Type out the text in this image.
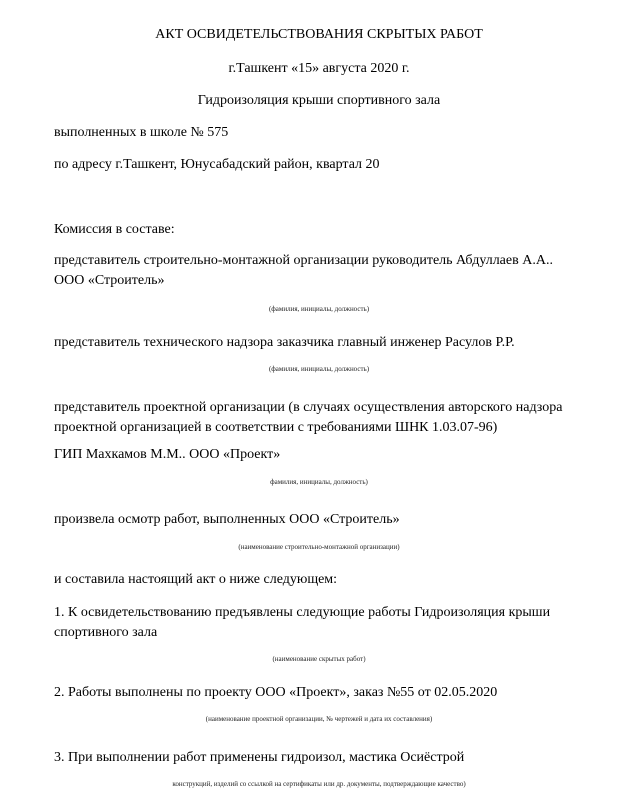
АКТ ОСВИДЕТЕЛЬСТВОВАНИЯ СКРЫТЫХ РАБОТ
г.Ташкент «15» августа 2020 г.
Гидроизоляция крыши спортивного зала
выполненных в школе № 575
по адресу г.Ташкент, Юнусабадский район, квартал 20
Комиссия в составе:
представитель строительно-монтажной организации руководитель Абдуллаев А.А..
ООО «Строитель»
(фамилия, инициалы, должность)
представитель технического надзора заказчика главный инженер Расулов Р.Р.
(фамилия, инициалы, должность)
представитель проектной организации (в случаях осуществления авторского надзора
проектной организацией в соответствии с требованиями ШНК 1.03.07-96)
ГИП Махкамов М.М.. ООО «Проект»
фамилия, инициалы, должность)
произвела осмотр работ, выполненных ООО «Строитель»
(наименование строительно-монтажной организации)
и составила настоящий акт о ниже следующем:
1. К освидетельствованию предъявлены следующие работы Гидроизоляция крыши
спортивного зала
(наименование скрытых работ)
2. Работы выполнены по проекту ООО «Проект», заказ №55 от 02.05.2020
(наименование проектной организации, № чертежей и дата их составления)
3. При выполнении работ применены гидроизол, мастика Осиёстрой
конструкций, изделий со ссылкой на сертификаты или др. документы, подтверждающие качество)
